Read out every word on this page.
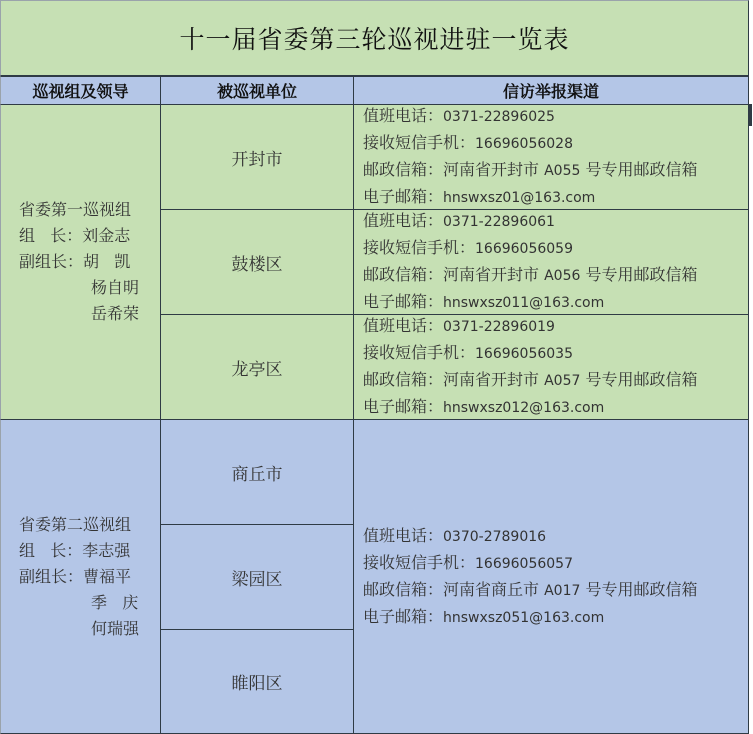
十一届省委第三轮巡视进驻一览表
巡视组及领导	被巡视单位	信访举报渠道
省委第一巡视组
组   长：刘金志
副组长：胡   凯
杨自明
岳希荣
开封市
鼓楼区
龙亭区
值班电话：0371-22896025
接收短信手机：16696056028
邮政信箱：河南省开封市 A055 号专用邮政信箱
电子邮箱：hnswxsz01@163.com
值班电话：0371-22896061
接收短信手机：16696056059
邮政信箱：河南省开封市 A056 号专用邮政信箱
电子邮箱：hnswxsz011@163.com
值班电话：0371-22896019
接收短信手机：16696056035
邮政信箱：河南省开封市 A057 号专用邮政信箱
电子邮箱：hnswxsz012@163.com
省委第二巡视组
组   长：李志强
副组长：曹福平
季   庆
何瑞强
商丘市
梁园区
睢阳区
值班电话：0370-2789016
接收短信手机：16696056057
邮政信箱：河南省商丘市 A017 号专用邮政信箱
电子邮箱：hnswxsz051@163.com
